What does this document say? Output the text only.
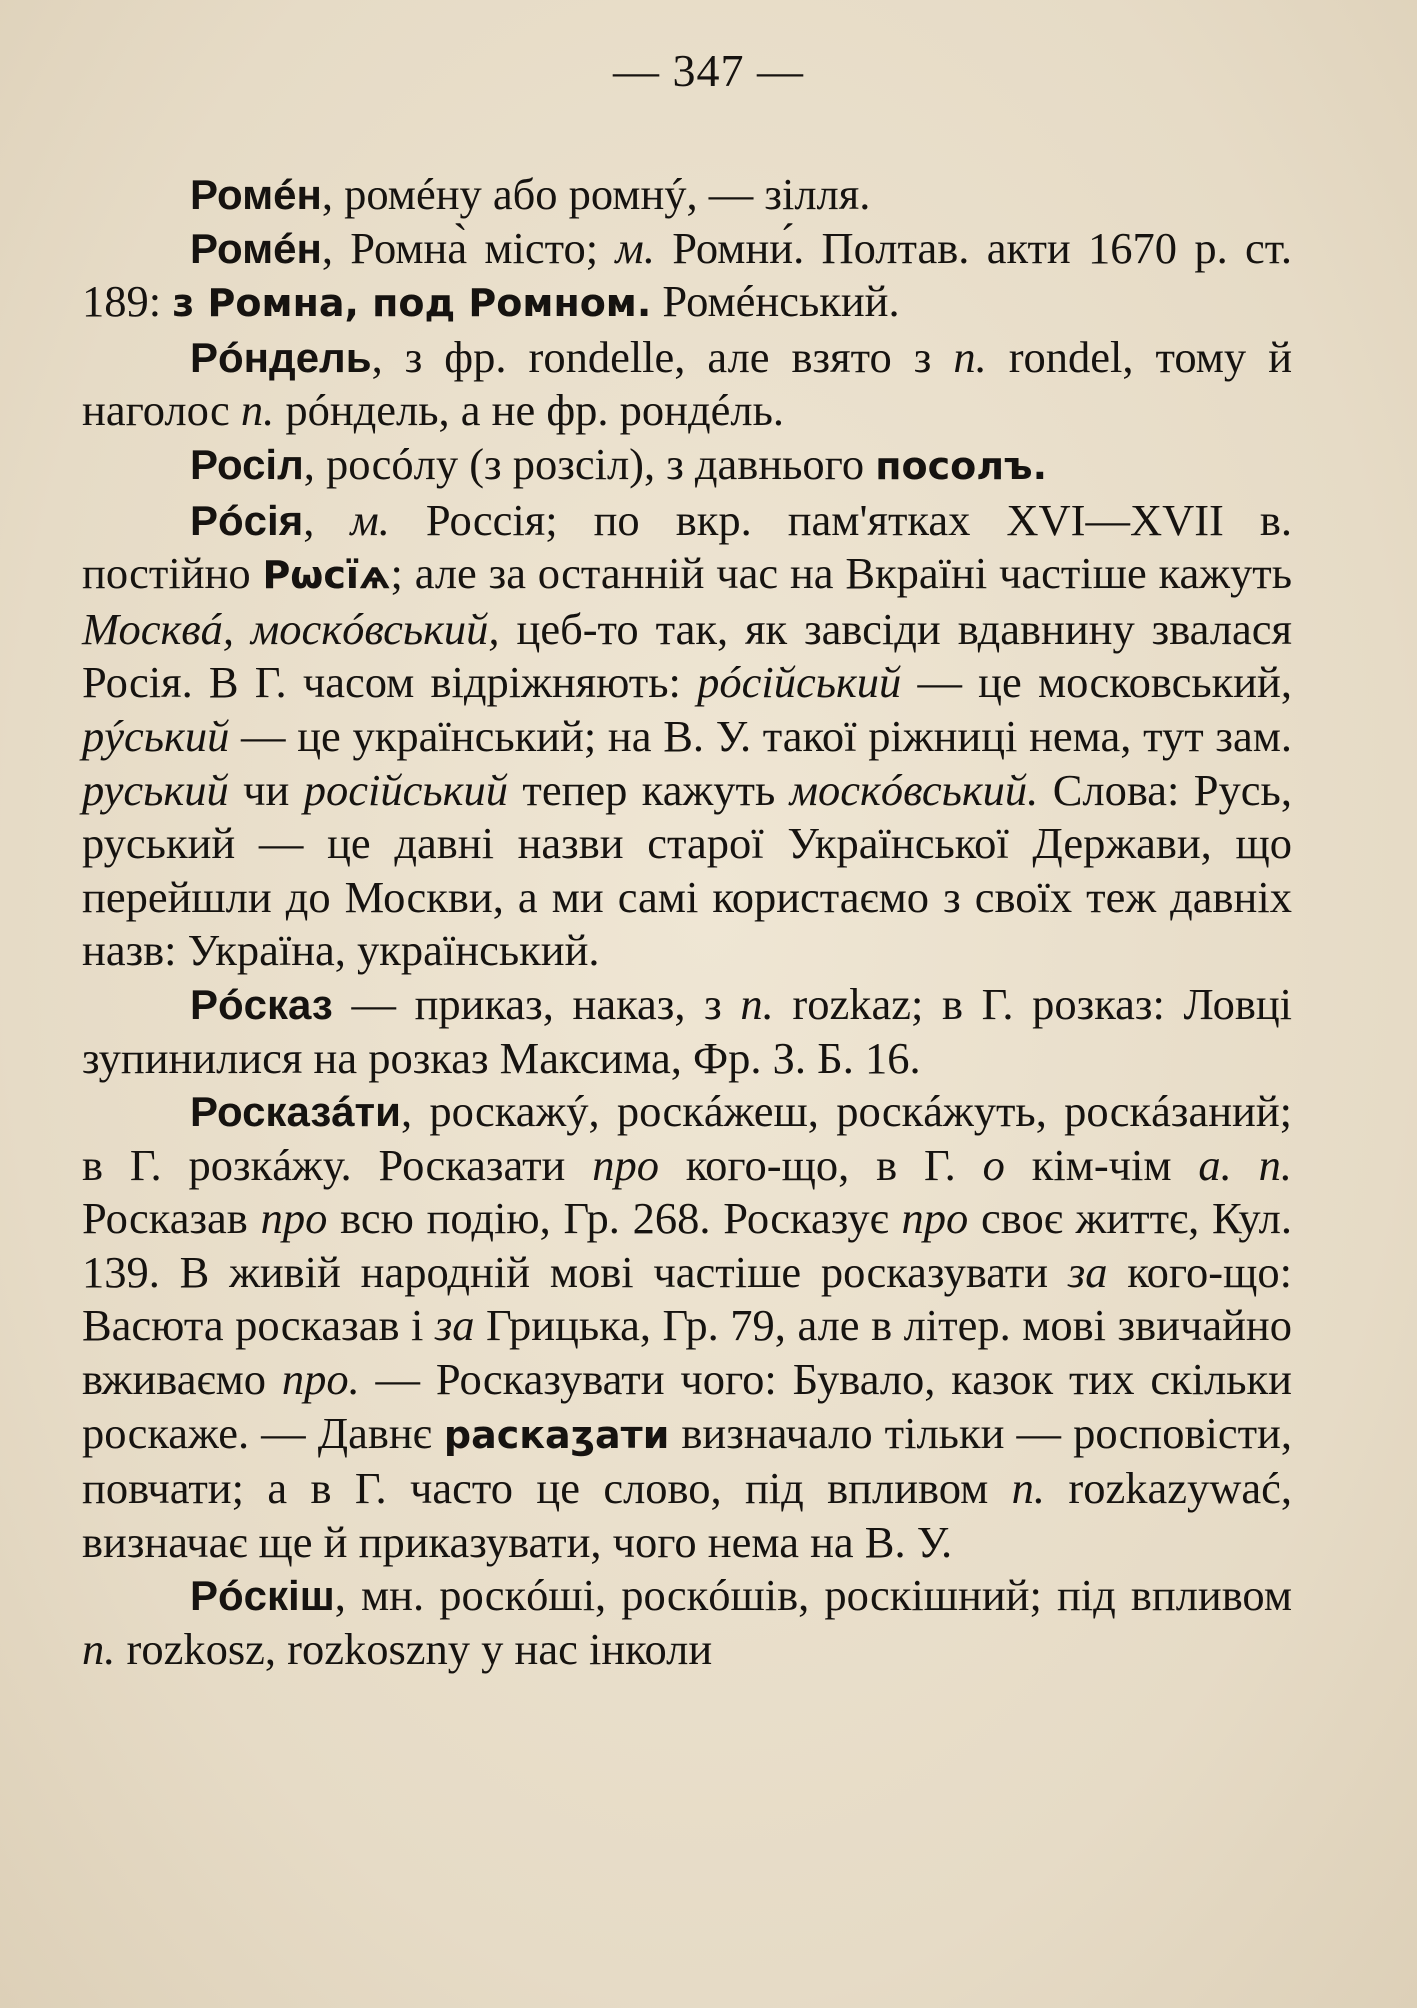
— 347 —

Ромéн, ромéну або ромнý, — зілля.

Ромéн, Ромна̀ місто; м. Ромни́. Полтав. акти 1670 р. ст. 189: з Ромна, под Ромном. Ромéнський.

Рóндель, з фр. rondelle, але взято з п. rondel, тому й наголос п. рóндель, а не фр. рондéль.

Росіл, росóлу (з розсіл), з давнього посолъ.

Рóсія, м. Россія; по вкр. пам'ятках XVI—XVII в. постійно Рѡсїѧ; але за останній час на Вкраїні частіше кажуть Москвá, москóвський, цеб-то так, як завсіди вдавнину звалася Росія. В Г. часом відріжняють: рóсійський — це московський, рýський — це український; на В. У. такої ріжниці нема, тут зам. руський чи російський тепер кажуть москóвський. Слова: Русь, руський — це давні назви старої Української Держави, що перейшли до Москви, а ми самі користаємо з своїх теж давніх назв: Україна, український.

Рóсказ — приказ, наказ, з п. rozkaz; в Г. розказ: Ловці зупинилися на розказ Максима, Фр. З. Б. 16.

Росказáти, роскажý, роскáжеш, роскáжуть, роскáзаний; в Г. розкáжу. Росказати про кого-що, в Г. о кім-чім а. п. Росказав про всю подію, Гр. 268. Росказує про своє життє, Кул. 139. В живій народній мові частіше росказувати за кого-що: Васюта росказав і за Грицька, Гр. 79, але в літер. мові звичайно вживаємо про. — Росказувати чого: Бувало, казок тих скільки роскаже. — Давнє раскаʒати визначало тільки — росповісти, повчати; а в Г. часто це слово, під впливом п. rozkazywać, визначає ще й приказувати, чого нема на В. У.

Рóскіш, мн. роскóші, роскóшів, роскішний; під впливом п. rozkosz, rozkoszny у нас інколи
